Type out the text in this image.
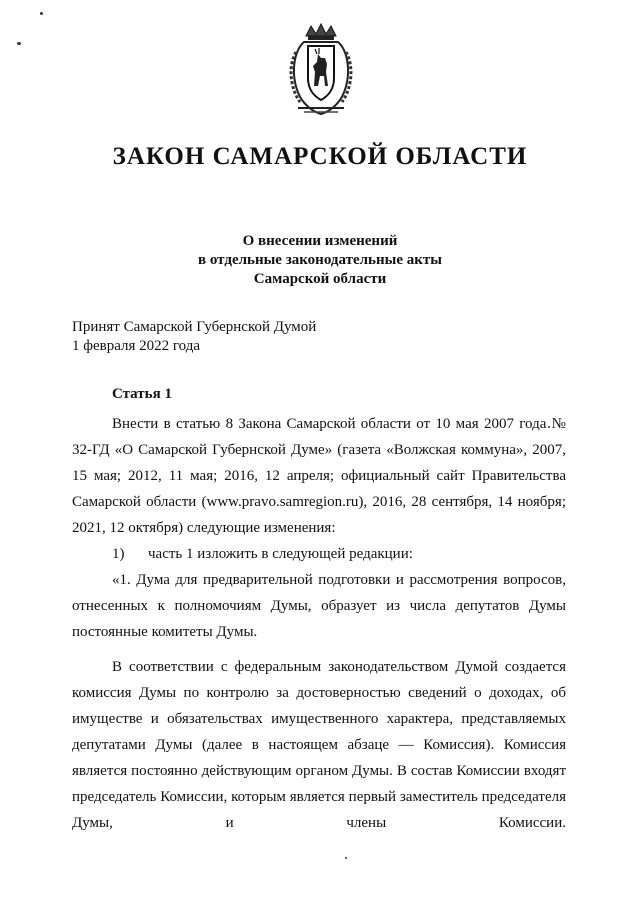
ЗАКОН САМАРСКОЙ ОБЛАСТИ
О внесении изменений
в отдельные законодательные акты
Самарской области
Принят Самарской Губернской Думой
1 февраля 2022 года
Статья 1

Внести в статью 8 Закона Самарской области от 10 мая 2007 года № 32-ГД «О Самарской Губернской Думе» (газета «Волжская коммуна», 2007, 15 мая; 2012, 11 мая; 2016, 12 апреля; официальный сайт Правительства Самарской области (www.pravo.samregion.ru), 2016, 28 сентября, 14 ноября; 2021, 12 октября) следующие изменения:

1) часть 1 изложить в следующей редакции:

«1. Дума для предварительной подготовки и рассмотрения вопросов, отнесенных к полномочиям Думы, образует из числа депутатов Думы постоянные комитеты Думы.

В соответствии с федеральным законодательством Думой создается комиссия Думы по контролю за достоверностью сведений о доходах, об имуществе и обязательствах имущественного характера, представляемых депутатами Думы (далее в настоящем абзаце — Комиссия). Комиссия является постоянно действующим органом Думы. В состав Комиссии входят председатель Комиссии, которым является первый заместитель председателя Думы, и члены Комиссии.
